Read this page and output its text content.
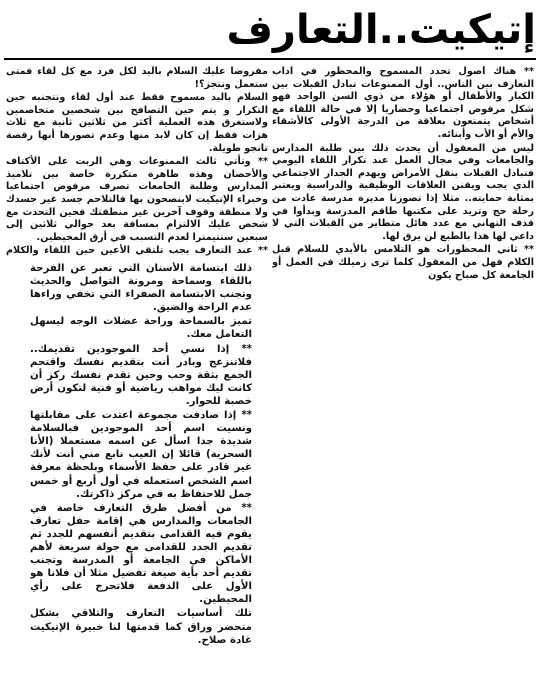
إتيكيت..التعارف

** هناك أصول تحدد المسموح والمحظور في آداب التعارف بين الناس.. أول الممنوعات تبادل القبلات بين الكبار والأطفال أو هؤلاء من ذوي السن الواحد فهو شكل مرفوض اجتماعيا وحضاريا إلا في حالة اللقاء مع أشخاص يتمتعون بعلاقة من الدرجة الأولى كالأشقاء والأم أو الأب وأبنائه.

ليس من المعقول أن يحدث ذلك بين طلبة المدارس والجامعات وفي مجال العمل عند تكرار اللقاء اليومي فتبادل القبلات ينقل الأمراض ويهدم الجدار الاجتماعي الذي يجب ويقنن العلاقات الوظيفية والدراسية ويعتبر بمثابة حمايته.. مثلا إذا تصورنا مديرة مدرسة عادت من رحلة حج وتريد على مكتبها طاقم المدرسة وبدأوا في قذف التهاني مع عدد هائل متطاير من القبلات التي لا داعي لها هذا بالطبع لن يرق لها.

** ثاني المحظورات هو التلامس بالأيدي للسلام قبل الكلام فهل من المعقول كلما ترى زميلك في العمل أو الجامعة كل صباح يكون

مفروضا عليك السلام باليد لكل فرد مع كل لقاء فمتى ستعمل ونتجز؟!

السلام باليد مسموح فقط عند أول لقاء ونتجنبه حين التكرار و يتم حين التصافح بين شخصين متخاصمين ولاستغرق هذه العملية أكثر من ثلاثين ثانية مع ثلاث هزات فقط إن كان لابد منها وعدم تصورها أنها رقصة تانجو طويلة.

** وتأتي ثالث الممنوعات وهي الربت على الأكتاف والأحضان وهذه ظاهرة متكررة خاصة بين تلاميذ المدارس وطلبة الجامعات تصرف مرفوض اجتماعيا وخبراء الإتيكيت لاينصحون بها فالتلاحم جسد غير جسدك ولا منطقة وقوف آخرين غير منطقتك فحين التحدث مع شخص عليك الالتزام بمسافة بعد حوالي ثلاثين إلى سبعين سنتيمترا لعدم التسبب في أرق المحيطين.

** عند التعارف يجب تلتقي الأعين حين اللقاء والكلام

ذلك ابتسامة الأسنان التي تعبر عن الفرحة باللقاء وسماحة ومرونة التواصل والحديث وتجنب الابتسامة الصفراء التي تخفي وراءها عدم الراحة والضيق.

تميز بالسماحة وراحة عضلات الوجه ليسهل التعامل معك.

** إذا نسي أحد الموجودين تقديمك.. فلاتنزعج وبادر أنت بتقديم نفسك واقتحم الجمع بثقة وحب وحين تقدم نفسك ركز أن كانت ليك مواهب رياضية أو فنية لتكون أرض خصبة للحوار.

** إذا صادفت مجموعة اعتدت على مقابلتها ونسيت اسم أحد الموجودين فبالسلامة شديدة جدا اسأل عن اسمه مستعملا (الأنا السحرية) قائلا إن العيب نابع مني أنت لأنك غير قادر على حفظ الأسماء وبلحظة معرفة اسم الشخص استعمله في أول أربع أو خمس جمل للاحتفاظ به في مركز ذاكرتك.

** من أفضل طرق التعارف خاصة في الجامعات والمدارس هي إقامة حفل تعارف يقوم فيه القدامى بتقديم أنفسهم للجدد ثم تقديم الجدد للقدامى مع جولة سريعة لأهم الأماكن في الجامعة أو المدرسة وتجنب تقديم أحد بأية صيغة تفضيل مثلا أن فلانا هو الأول على الدفعة فلاتحرج على رأي المحيطين.

تلك أساسيات التعارف والتلاقي بشكل متحضر وراق كما قدمتها لنا خبيرة الإتيكيت غادة صلاح.
